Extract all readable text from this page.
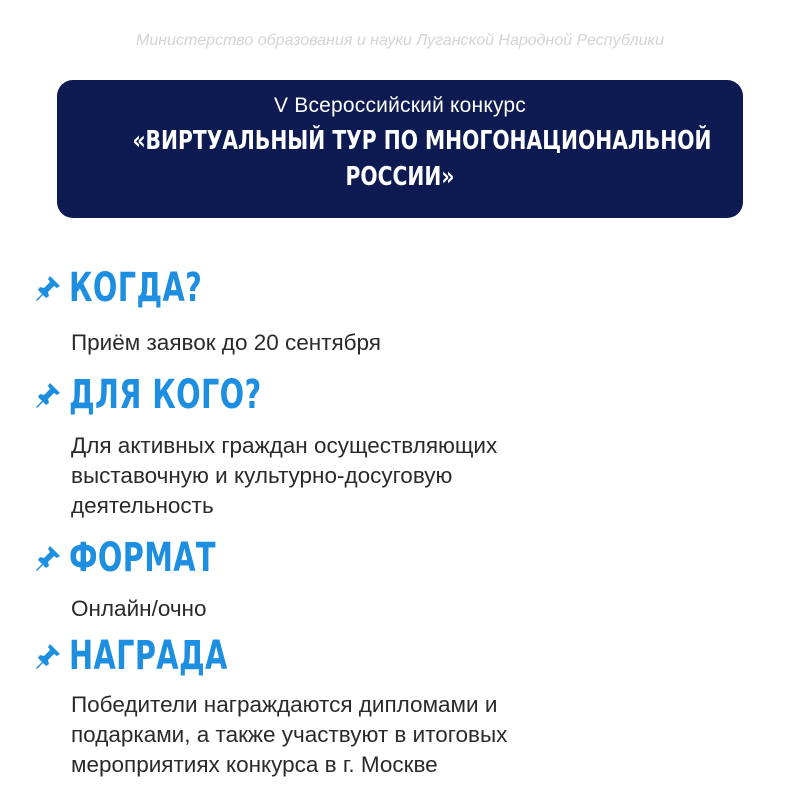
Министерство образования и науки Луганской Народной Республики
V Всероссийский конкурс
«ВИРТУАЛЬНЫЙ ТУР ПО МНОГОНАЦИОНАЛЬНОЙ
РОССИИ»
КОГДА?
Приём заявок до 20 сентября
ДЛЯ КОГО?
Для активных граждан осуществляющих
выставочную и культурно-досуговую
деятельность
ФОРМАТ
Онлайн/очно
НАГРАДА
Победители награждаются дипломами и
подарками, а также участвуют в итоговых
мероприятиях конкурса в г. Москве
